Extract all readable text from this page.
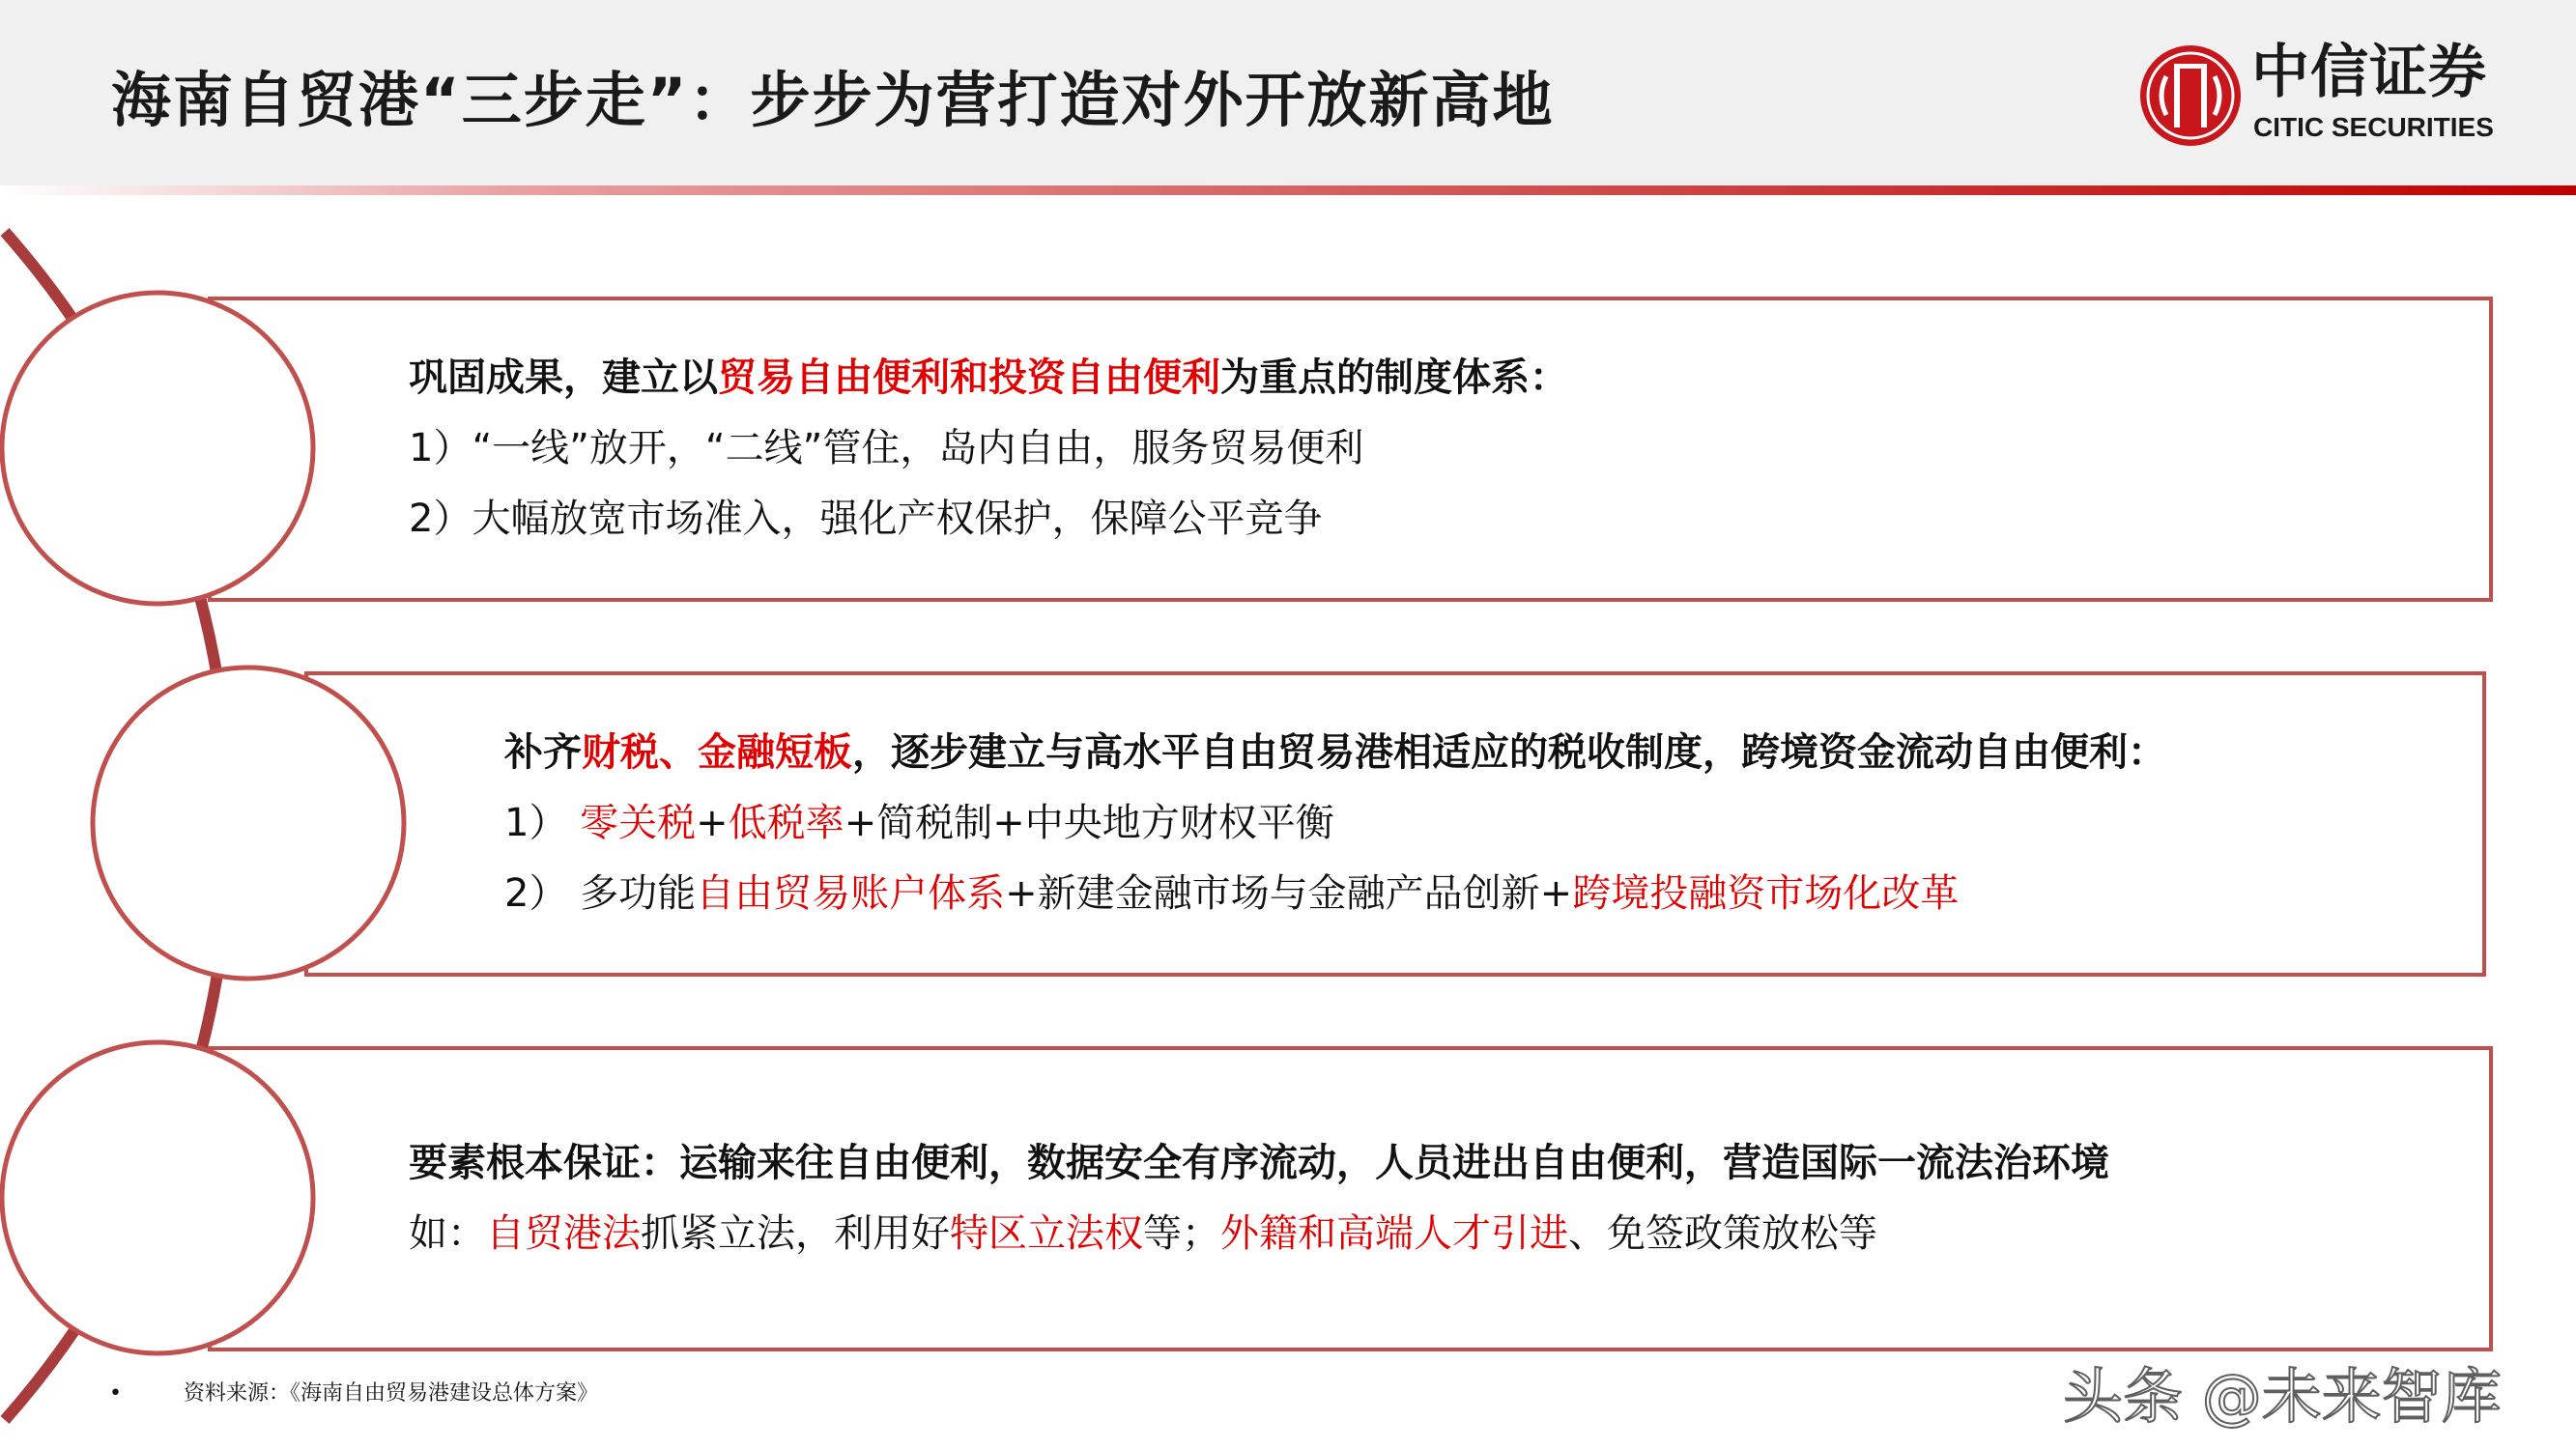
海南自贸港“三步走”：步步为营打造对外开放新高地	中信证券
CITIC SECURITIES
巩固成果，建立以贸易自由便利和投资自由便利为重点的制度体系：
1）“一线”放开，“二线”管住，岛内自由，服务贸易便利
2）大幅放宽市场准入，强化产权保护，保障公平竞争
补齐财税、金融短板，逐步建立与高水平自由贸易港相适应的税收制度，跨境资金流动自由便利：
1） 零关税+低税率+简税制+中央地方财权平衡
2） 多功能自由贸易账户体系+新建金融市场与金融产品创新+跨境投融资市场化改革
要素根本保证：运输来往自由便利，数据安全有序流动，人员进出自由便利，营造国际一流法治环境
如：自贸港法抓紧立法，利用好特区立法权等；外籍和高端人才引进、免签政策放松等
•	资料来源：《海南自由贸易港建设总体方案》	头条 @未来智库
